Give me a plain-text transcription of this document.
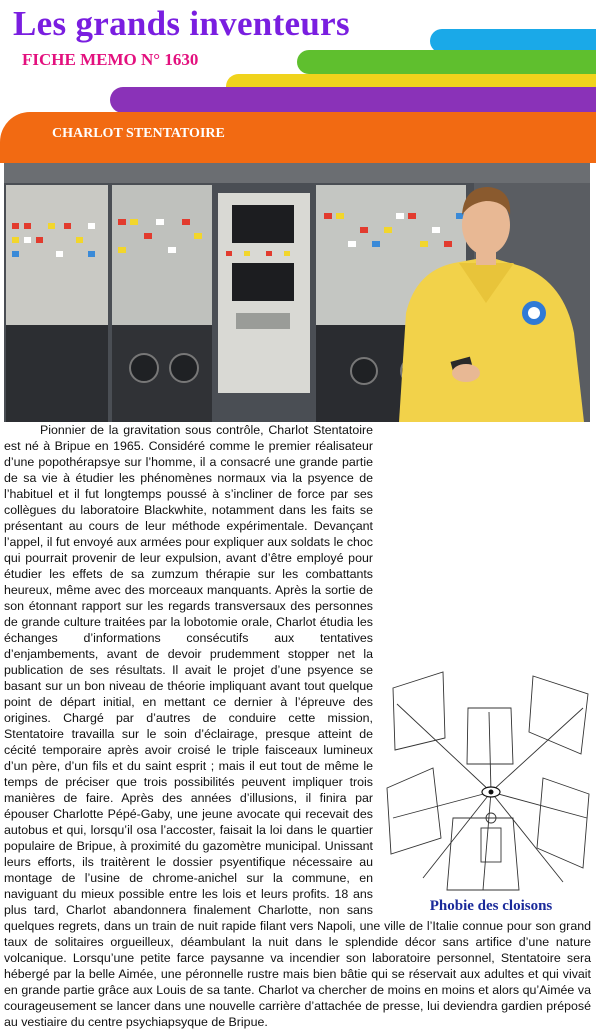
Les grands inventeurs
FICHE MEMO N° 1630
CHARLOT STENTATOIRE
Pionnier de la gravitation sous contrôle, Charlot Stentatoire est né à Bripue en 1965. Considéré comme le premier réalisateur d’une popothérapsye sur l’homme, il a consacré une grande partie de sa vie à étudier les phénomènes normaux via la psyence de l’habituel et il fut longtemps poussé à s’incliner de force par ses collègues du laboratoire Blackwhite, notamment dans les faits se présentant au cours de leur méthode expérimentale. Devançant l’appel, il fut envoyé aux armées pour expliquer aux soldats le choc qui pourrait provenir de leur expulsion, avant d’être employé pour étudier les effets de sa zumzum thérapie sur les combattants heureux, même avec des morceaux manquants. Après la sortie de son étonnant rapport sur les regards transversaux des personnes de grande culture traitées par la lobotomie orale, Charlot étudia les échanges d’informations consécutifs aux tentatives d’enjambements, avant de devoir prudemment stopper net la publication de ses résultats. Il avait le projet d’une psyence se basant sur un bon niveau de théorie impliquant avant tout quelque point de départ initial, en mettant ce dernier à l’épreuve des origines. Chargé par d’autres de conduire cette mission, Stentatoire travailla sur le soin d’éclairage, presque atteint de cécité temporaire après avoir croisé le triple faisceaux lumineux d’un père, d’un fils et du saint esprit ; mais il eut tout de même le temps de préciser que trois possibilités peuvent impliquer trois manières de faire. Après des années d’illusions, il finira par épouser Charlotte Pépé-Gaby, une jeune avocate qui recevait des autobus et qui, lorsqu’il osa l’accoster, faisait la loi dans le quartier populaire de Bripue, à proximité du gazomètre municipal. Unissant leurs efforts, ils traitèrent le dossier psyentifique nécessaire au montage de l’usine de chrome-anichel sur la commune, en naviguant du mieux possible entre les lois et leurs profits. 18 ans plus tard, Charlot abandonnera finalement Charlotte, non sans quelques regrets, dans un train de nuit rapide filant vers Napoli, une ville de l’Italie connue pour son grand taux de solitaires orgueilleux, déambulant la nuit dans le splendide décor sans artifice d’une nature volcanique. Lorsqu’une petite farce paysanne va incendier son laboratoire personnel, Stentatoire sera hébergé par la belle Aimée, une péronnelle rustre mais bien bâtie qui se réservait aux adultes et qui vivait en grande partie grâce aux Louis de sa tante. Charlot va chercher de moins en moins et alors qu’Aimée va courageusement se lancer dans une nouvelle carrière d’attachée de presse, lui deviendra gardien préposé au vestiaire du centre psychiapsyque de Bripue.
Phobie des cloisons
